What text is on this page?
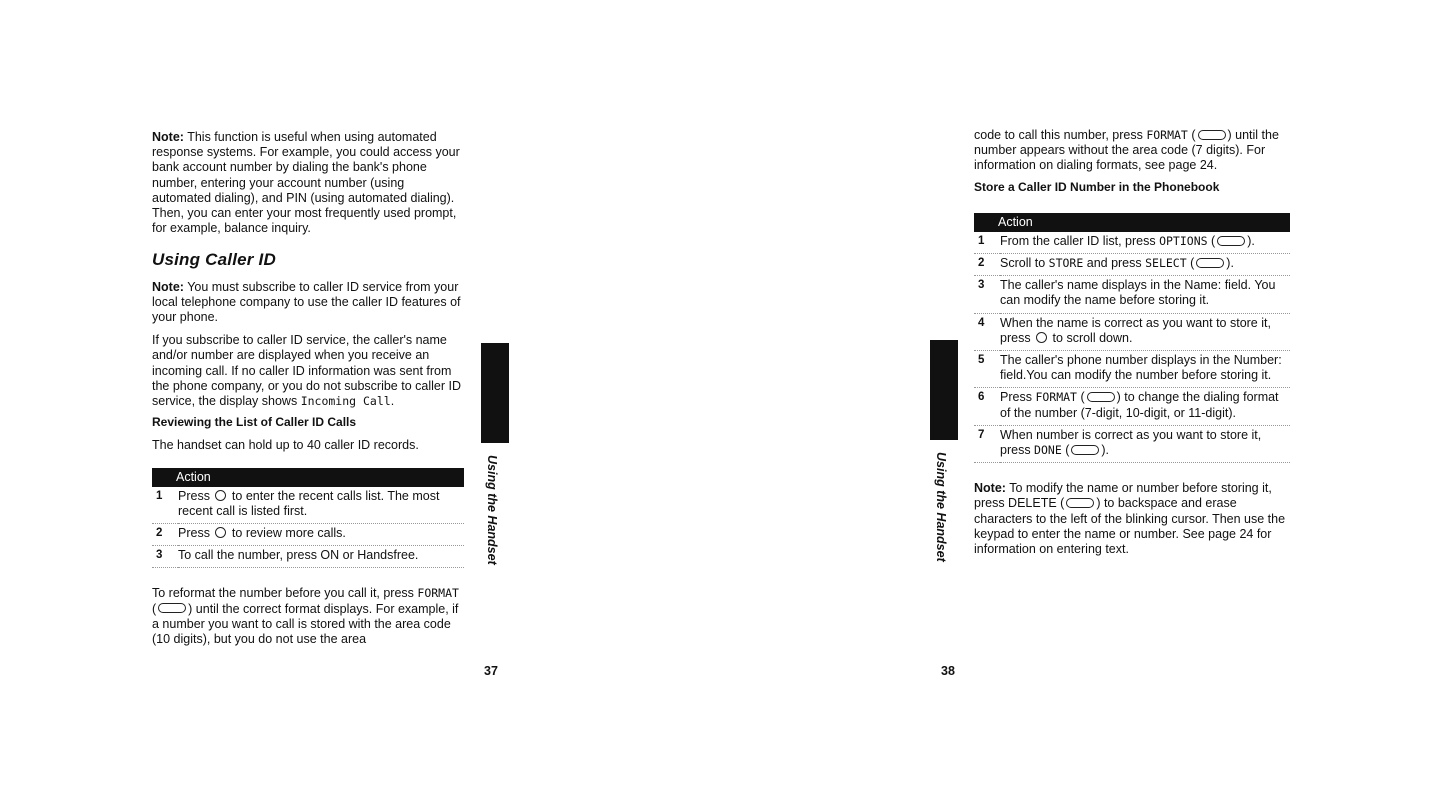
Note: This function is useful when using automated response systems. For example, you could access your bank account number by dialing the bank's phone number, entering your account number (using automated dialing), and PIN (using automated dialing). Then, you can enter your most frequently used prompt, for example, balance inquiry.

Using Caller ID

Note: You must subscribe to caller ID service from your local telephone company to use the caller ID features of your phone.

If you subscribe to caller ID service, the caller's name and/or number are displayed when you receive an incoming call. If no caller ID information was sent from the phone company, or you do not subscribe to caller ID service, the display shows Incoming Call.

Reviewing the List of Caller ID Calls

The handset can hold up to 40 caller ID records.

Action	
1	Press to enter the recent calls list. The most recent call is listed first.
2	Press to review more calls.
3	To call the number, press ON or Handsfree.

To reformat the number before you call it, press FORMAT (	) until the correct format displays. For example, if a number you want to call is stored with the area code (10 digits), but you do not use the area

Using the Handset
37

code to call this number, press FORMAT (	) until the number appears without the area code (7 digits). For information on dialing formats, see page 24.

Store a Caller ID Number in the Phonebook
Action	
1	From the caller ID list, press OPTIONS ( ).
2	Scroll to STORE and press SELECT ( ).
3	The caller's name displays in the Name: field. You can modify the name before storing it.
4	When the name is correct as you want to store it, press to scroll down.
5	The caller's phone number displays in the Number: field.You can modify the number before storing it.
6	Press FORMAT ( ) to change the dialing format of the number (7-digit, 10-digit, or 11-digit).
7	When number is correct as you want to store it, press DONE ( ).

Note: To modify the name or number before storing it, press DELETE (	) to backspace and erase characters to the left of the blinking cursor. Then use the keypad to enter the name or number. See page 24 for information on entering text.

Using the Handset
38
